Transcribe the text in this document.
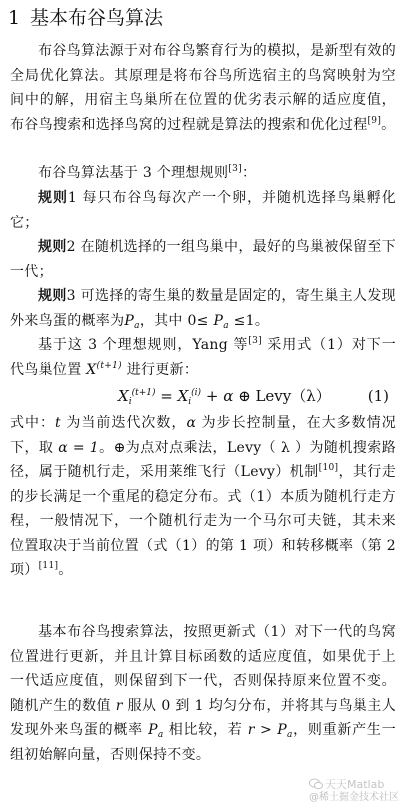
1 基本布谷鸟算法
布谷鸟算法源于对布谷鸟繁育行为的模拟，是新型有效的全局优化算法。其原理是将布谷鸟所选宿主的鸟窝映射为空间中的解，用宿主鸟巢所在位置的优劣表示解的适应度值，布谷鸟搜索和选择鸟窝的过程就是算法的搜索和优化过程[9]。
布谷鸟算法基于 3 个理想规则[3]：
规则1 每只布谷鸟每次产一个卵，并随机选择鸟巢孵化它；
规则2 在随机选择的一组鸟巢中，最好的鸟巢被保留至下一代；
规则3 可选择的寄生巢的数量是固定的，寄生巢主人发现外来鸟蛋的概率为$P_a$，其中 $0\le P_a \le 1$。
基于这 3 个理想规则，Yang 等[3] 采用式（1）对下一代鸟巢位置 $X^{(t+1)}$ 进行更新：
$X_i^{(t+1)} = X_i^{(i)} + \alpha$ ⊕ Levy（λ） (1)
式中：t 为当前迭代次数，α 为步长控制量，在大多数情况下，取 α = 1。⊕为点对点乘法，Levy（ λ ）为随机搜索路径，属于随机行走，采用莱维飞行（Levy）机制[10]，其行走的步长满足一个重尾的稳定分布。式（1）本质为随机行走方程，一般情况下，一个随机行走为一个马尔可夫链，其未来位置取决于当前位置（式（1）的第 1 项）和转移概率（第 2 项）[11]。
基本布谷鸟搜索算法，按照更新式（1）对下一代的鸟窝位置进行更新，并且计算目标函数的适应度值，如果优于上一代适应度值，则保留到下一代，否则保持原来位置不变。随机产生的数值 r 服从 0 到 1 均匀分布，并将其与鸟巢主人发现外来鸟蛋的概率 $P_a$ 相比较，若 $r > P_a$，则重新产生一组初始解向量，否则保持不变。
天天Matlab
@稀土掘金技术社区
